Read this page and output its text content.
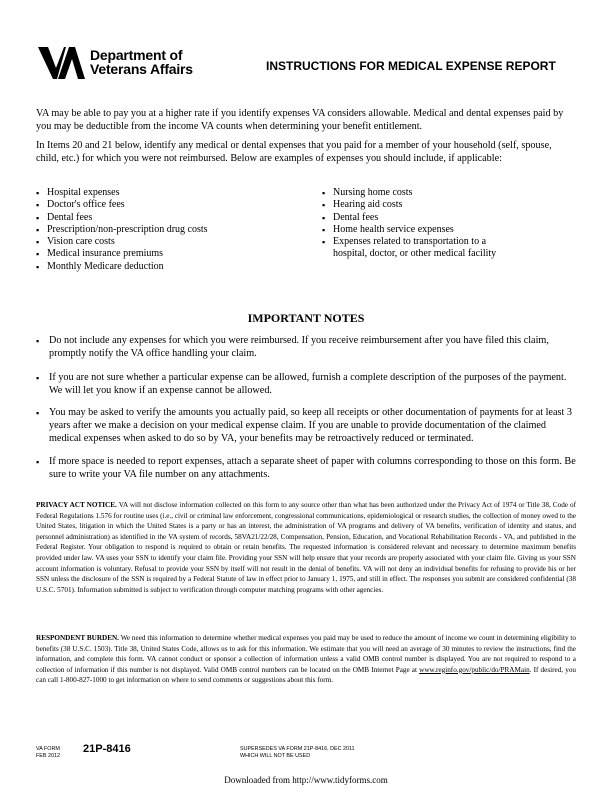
Department of
Veterans Affairs	INSTRUCTIONS FOR MEDICAL EXPENSE REPORT
VA may be able to pay you at a higher rate if you identify expenses VA considers allowable. Medical and dental expenses paid by you may be deductible from the income VA counts when determining your benefit entitlement.
In Items 20 and 21 below, identify any medical or dental expenses that you paid for a member of your household (self, spouse, child, etc.) for which you were not reimbursed. Below are examples of expenses you should include, if applicable:
▪ Hospital expenses
▪ Doctor's office fees
▪ Dental fees
▪ Prescription/non-prescription drug costs
▪ Vision care costs
▪ Medical insurance premiums
▪ Monthly Medicare deduction
▪ Nursing home costs
▪ Hearing aid costs
▪ Dental fees
▪ Home health service expenses
▪ Expenses related to transportation to a hospital, doctor, or other medical facility
IMPORTANT NOTES
▪ Do not include any expenses for which you were reimbursed. If you receive reimbursement after you have filed this claim, promptly notify the VA office handling your claim.
▪ If you are not sure whether a particular expense can be allowed, furnish a complete description of the purposes of the payment. We will let you know if an expense cannot be allowed.
▪ You may be asked to verify the amounts you actually paid, so keep all receipts or other documentation of payments for at least 3 years after we make a decision on your medical expense claim. If you are unable to provide documentation of the claimed medical expenses when asked to do so by VA, your benefits may be retroactively reduced or terminated.
▪ If more space is needed to report expenses, attach a separate sheet of paper with columns corresponding to those on this form. Be sure to write your VA file number on any attachments.
PRIVACY ACT NOTICE. VA will not disclose information collected on this form to any source other than what has been authorized under the Privacy Act of 1974 or Title 38, Code of Federal Regulations 1.576 for routine uses (i.e., civil or criminal law enforcement, congressional communications, epidemiological or research studies, the collection of money owed to the United States, litigation in which the United States is a party or has an interest, the administration of VA programs and delivery of VA benefits, verification of identity and status, and personnel administration) as identified in the VA system of records, 58VA21/22/28, Compensation, Pension, Education, and Vocational Rehabilitation Records - VA, and published in the Federal Register. Your obligation to respond is required to obtain or retain benefits. The requested information is considered relevant and necessary to determine maximum benefits provided under law. VA uses your SSN to identify your claim file. Providing your SSN will help ensure that your records are properly associated with your claim file. Giving us your SSN account information is voluntary. Refusal to provide your SSN by itself will not result in the denial of benefits. VA will not deny an individual benefits for refusing to provide his or her SSN unless the disclosure of the SSN is required by a Federal Statute of law in effect prior to January 1, 1975, and still in effect. The responses you submit are considered confidential (38 U.S.C. 5701). Information submitted is subject to verification through computer matching programs with other agencies.
RESPONDENT BURDEN. We need this information to determine whether medical expenses you paid may be used to reduce the amount of income we count in determining eligibility to benefits (38 U.S.C. 1503). Title 38, United States Code, allows us to ask for this information. We estimate that you will need an average of 30 minutes to review the instructions, find the information, and complete this form. VA cannot conduct or sponsor a collection of information unless a valid OMB control number is displayed. You are not required to respond to a collection of information if this number is not displayed. Valid OMB control numbers can be located on the OMB Internet Page at www.reginfo.gov/public/do/PRAMain. If desired, you can call 1-800-827-1000 to get information on where to send comments or suggestions about this form.
VA FORM
FEB 2012
21P-8416	SUPERSEDES VA FORM 21P-8416, DEC 2011
WHICH WILL NOT BE USED
Downloaded from http://www.tidyforms.com
